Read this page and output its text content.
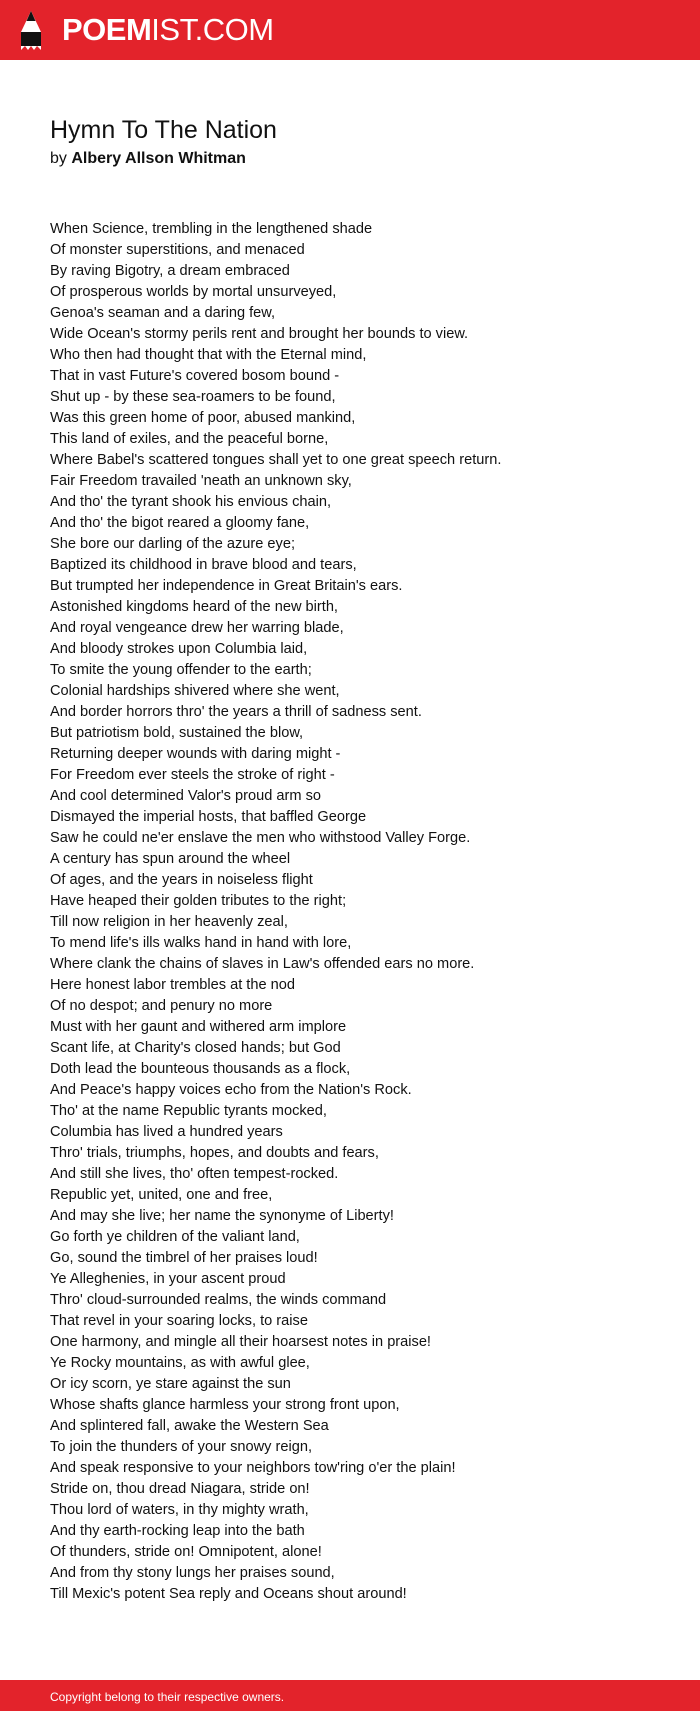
POEMIST.COM
Hymn To The Nation
by Albery Allson Whitman
When Science, trembling in the lengthened shade
Of monster superstitions, and menaced
By raving Bigotry, a dream embraced
Of prosperous worlds by mortal unsurveyed,
Genoa's seaman and a daring few,
Wide Ocean's stormy perils rent and brought her bounds to view.
Who then had thought that with the Eternal mind,
That in vast Future's covered bosom bound -
Shut up - by these sea-roamers to be found,
Was this green home of poor, abused mankind,
This land of exiles, and the peaceful borne,
Where Babel's scattered tongues shall yet to one great speech return.
Fair Freedom travailed 'neath an unknown sky,
And tho' the tyrant shook his envious chain,
And tho' the bigot reared a gloomy fane,
She bore our darling of the azure eye;
Baptized its childhood in brave blood and tears,
But trumpted her independence in Great Britain's ears.
Astonished kingdoms heard of the new birth,
And royal vengeance drew her warring blade,
And bloody strokes upon Columbia laid,
To smite the young offender to the earth;
Colonial hardships shivered where she went,
And border horrors thro' the years a thrill of sadness sent.
But patriotism bold, sustained the blow,
Returning deeper wounds with daring might -
For Freedom ever steels the stroke of right -
And cool determined Valor's proud arm so
Dismayed the imperial hosts, that baffled George
Saw he could ne'er enslave the men who withstood Valley Forge.
A century has spun around the wheel
Of ages, and the years in noiseless flight
Have heaped their golden tributes to the right;
Till now religion in her heavenly zeal,
To mend life's ills walks hand in hand with lore,
Where clank the chains of slaves in Law's offended ears no more.
Here honest labor trembles at the nod
Of no despot; and penury no more
Must with her gaunt and withered arm implore
Scant life, at Charity's closed hands; but God
Doth lead the bounteous thousands as a flock,
And Peace's happy voices echo from the Nation's Rock.
Tho' at the name Republic tyrants mocked,
Columbia has lived a hundred years
Thro' trials, triumphs, hopes, and doubts and fears,
And still she lives, tho' often tempest-rocked.
Republic yet, united, one and free,
And may she live; her name the synonyme of Liberty!
Go forth ye children of the valiant land,
Go, sound the timbrel of her praises loud!
Ye Alleghenies, in your ascent proud
Thro' cloud-surrounded realms, the winds command
That revel in your soaring locks, to raise
One harmony, and mingle all their hoarsest notes in praise!
Ye Rocky mountains, as with awful glee,
Or icy scorn, ye stare against the sun
Whose shafts glance harmless your strong front upon,
And splintered fall, awake the Western Sea
To join the thunders of your snowy reign,
And speak responsive to your neighbors tow'ring o'er the plain!
Stride on, thou dread Niagara, stride on!
Thou lord of waters, in thy mighty wrath,
And thy earth-rocking leap into the bath
Of thunders, stride on! Omnipotent, alone!
And from thy stony lungs her praises sound,
Till Mexic's potent Sea reply and Oceans shout around!
Copyright belong to their respective owners.
